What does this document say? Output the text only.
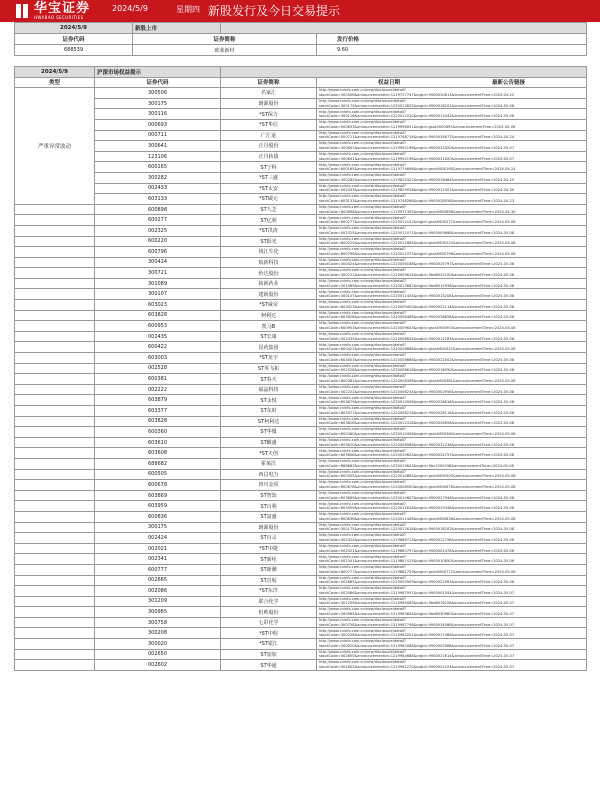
华宝证券
HWABAO SECURITIES
2024/5/9	星期四 新股发行及今日交易提示
2024/5/9	新股上市		
证券代码	证券简称		发行价格
688539	欧莱新材		9.60
2024/5/9	沪深市场权益提示		
类型	证券代码	证券简称	权益日期 最新公告链接
严重异常波动	300506	名家汇	http://www.cninfo.com.cn/new/disclosure/detail?stockCode=300506&announcementId=1219727747&orgId=9900030813&announcementTime=2024-04-22
	300175	朗源股份	http://www.cninfo.com.cn/new/disclosure/detail?stockCode=300175&announcementId=1220013825&orgId=9900018202&announcementTime=2024-05-08
	300116	*ST保力	http://www.cninfo.com.cn/new/disclosure/detail?stockCode=300116&announcementId=1220012210&orgId=9900013442&announcementTime=2024-05-08
	000693	*ST华信	http://www.cninfo.com.cn/new/disclosure/detail?stockCode=000693&announcementId=1219996051&orgId=gssz0000693&announcementTime=2024-05-06
	000711	广汇退	http://www.cninfo.com.cn/new/disclosure/detail?stockCode=000711&announcementId=1219748716&orgId=9900034677&announcementTime=2024-04-24
	300641	正丹股份	http://www.cninfo.com.cn/new/disclosure/detail?stockCode=300641&announcementId=1219992196&orgId=9900031820&announcementTime=2024-05-07
	123106	正丹转债	http://www.cninfo.com.cn/new/disclosure/detail?stockCode=300641&announcementId=1219992196&orgId=9900031820&announcementTime=2024-05-07
	600165	ST宁科	http://www.cninfo.com.cn/new/disclosure/detail?stockCode=600165&announcementId=1219774696&orgId=gssh0600165&announcementTime=2024-04-24
	300282	*ST三盛	http://www.cninfo.com.cn/new/disclosure/detail?stockCode=300282&announcementId=1219815322&orgId=9900018484&announcementTime=2024-04-25
	002433	*ST太安	http://www.cninfo.com.cn/new/disclosure/detail?stockCode=002433&announcementId=1219829918&orgId=9900012301&announcementTime=2024-04-30
	603133	*ST碳元	http://www.cninfo.com.cn/new/disclosure/detail?stockCode=603133&announcementId=1219748286&orgId=9900028556&announcementTime=2024-04-23
	600898	ST九芝	http://www.cninfo.com.cn/new/disclosure/detail?stockCode=600898&announcementId=1219971305&orgId=gssh0600898&announcementTime=2024-04-30
	600277	ST亿利	http://www.cninfo.com.cn/new/disclosure/detail?stockCode=600277&announcementId=1220012102&orgId=gssh0600277&announcementTime=2024-05-08
	002325	*ST洪涛	http://www.cninfo.com.cn/new/disclosure/detail?stockCode=002325&announcementId=1220011071&orgId=9900009686&announcementTime=2024-05-08
	600220	ST阳光	http://www.cninfo.com.cn/new/disclosure/detail?stockCode=600220&announcementId=1220011884&orgId=gssh0600220&announcementTime=2024-05-08
	600796	钱江生化	http://www.cninfo.com.cn/new/disclosure/detail?stockCode=600796&announcementId=1220011975&orgId=gssh0600796&announcementTime=2024-05-08
	300424	航新科技	http://www.cninfo.com.cn/new/disclosure/detail?stockCode=300424&announcementId=1220006188&orgId=9900025797&announcementTime=2024-05-08
	300721	怡达股份	http://www.cninfo.com.cn/new/disclosure/detail?stockCode=300721&announcementId=1220009614&orgId=9bd8031100&announcementTime=2024-05-08
	301089	拓新药业	http://www.cninfo.com.cn/new/disclosure/detail?stockCode=301089&announcementId=1220013682&orgId=9bd8015936&announcementTime=2024-05-08
	300107	建新股份	http://www.cninfo.com.cn/new/disclosure/detail?stockCode=300107&announcementId=1220011454&orgId=9900013208&announcementTime=2024-05-08
	603023	*ST威帝	http://www.cninfo.com.cn/new/disclosure/detail?stockCode=603023&announcementId=1220009450&orgId=9900022114&announcementTime=2024-05-08
	603828	柯利达	http://www.cninfo.com.cn/new/disclosure/detail?stockCode=603828&announcementId=1220006468&orgId=9900026658&announcementTime=2024-05-08
	600953	凯马B	http://www.cninfo.com.cn/new/disclosure/detail?stockCode=600953&announcementId=1220009643&orgId=gssh0900953&announcementTime=2024-05-08
	002435	ST长康	http://www.cninfo.com.cn/new/disclosure/detail?stockCode=002435&announcementId=1220006634&orgId=9900012283&announcementTime=2024-05-08
	600422	昆药集团	http://www.cninfo.com.cn/new/disclosure/detail?stockCode=600422&announcementId=1220008668&orgId=gssh0600422&announcementTime=2024-05-08
	603003	*ST龙宇	http://www.cninfo.com.cn/new/disclosure/detail?stockCode=603003&announcementId=1220008666&orgId=9900022502&announcementTime=2024-05-08
	002528	ST英飞拓	http://www.cninfo.com.cn/new/disclosure/detail?stockCode=002528&announcementId=1220008618&orgId=9900016090&announcementTime=2024-05-08
	600381	ST春天	http://www.cninfo.com.cn/new/disclosure/detail?stockCode=600381&announcementId=1220006396&orgId=gssh0600381&announcementTime=2024-05-08
	002222	福晶科技	http://www.cninfo.com.cn/new/disclosure/detail?stockCode=002222&announcementId=1220006234&orgId=9900002956&announcementTime=2024-05-08
	603879	ST永悦	http://www.cninfo.com.cn/new/disclosure/detail?stockCode=603879&announcementId=1220010006&orgId=9900028818&announcementTime=2024-05-08
	603377	ST东时	http://www.cninfo.com.cn/new/disclosure/detail?stockCode=603377&announcementId=1220006216&orgId=9900028116&announcementTime=2024-05-08
	603828	ST柯利达	http://www.cninfo.com.cn/new/disclosure/detail?stockCode=603828&announcementId=1220012318&orgId=9900026658&announcementTime=2024-05-08
	600360	ST华微	http://www.cninfo.com.cn/new/disclosure/detail?stockCode=600360&announcementId=1220010456&orgId=gssh0600360&announcementTime=2024-05-08
	603610	ST麒盛	http://www.cninfo.com.cn/new/disclosure/detail?stockCode=603610&announcementId=1220008568&orgId=9900031238&announcementTime=2024-05-08
	603608	*ST天创	http://www.cninfo.com.cn/new/disclosure/detail?stockCode=603608&announcementId=1220010624&orgId=9900024757&announcementTime=2024-05-08
	688682	霍莱沃	http://www.cninfo.com.cn/new/disclosure/detail?stockCode=688682&announcementId=1220013643&orgId=9bc1000936&announcementTime=2024-05-08
	600505	西昌电力	http://www.cninfo.com.cn/new/disclosure/detail?stockCode=600505&announcementId=1220010884&orgId=gssh0600505&announcementTime=2024-05-08
	600678	四川金顶	http://www.cninfo.com.cn/new/disclosure/detail?stockCode=600678&announcementId=1220008550&orgId=gssh0600678&announcementTime=2024-05-08
	603869	ST智知	http://www.cninfo.com.cn/new/disclosure/detail?stockCode=603869&announcementId=1220010607&orgId=9900027946&announcementTime=2024-05-08
	603959	ST百利	http://www.cninfo.com.cn/new/disclosure/detail?stockCode=603959&announcementId=1220011618&orgId=9900029448&announcementTime=2024-05-08
	600836	ST富盛	http://www.cninfo.com.cn/new/disclosure/detail?stockCode=600836&announcementId=1220011446&orgId=gssh0600836&announcementTime=2024-05-08
	300175	朗源股份	http://www.cninfo.com.cn/new/disclosure/detail?stockCode=300175&announcementId=1220012618&orgId=9900018202&announcementTime=2024-05-08
	002424	ST百灵	http://www.cninfo.com.cn/new/disclosure/detail?stockCode=002424&announcementId=1219886713&orgId=9900012798&announcementTime=2024-05-06
	002021	*ST中捷	http://www.cninfo.com.cn/new/disclosure/detail?stockCode=002021&announcementId=1219880797&orgId=9900001478&announcementTime=2024-05-06
	002341	ST新纶	http://www.cninfo.com.cn/new/disclosure/detail?stockCode=002341&announcementId=1219887415&orgId=9900010850&announcementTime=2024-05-06
	600777	ST新潮	http://www.cninfo.com.cn/new/disclosure/detail?stockCode=600777&announcementId=1219881729&orgId=gssh0600777&announcementTime=2024-05-06
	002665	ST首航	http://www.cninfo.com.cn/new/disclosure/detail?stockCode=002665&announcementId=1220003909&orgId=9900022063&announcementTime=2024-05-08
	002086	*ST东洋	http://www.cninfo.com.cn/new/disclosure/detail?stockCode=002086&announcementId=1219987591&orgId=9900001344&announcementTime=2024-05-07
	301209	联合化学	http://www.cninfo.com.cn/new/disclosure/detail?stockCode=301209&announcementId=1219964089&orgId=9bd8076228&announcementTime=2024-05-07
	300965	恒帅股份	http://www.cninfo.com.cn/new/disclosure/detail?stockCode=300965&announcementId=1219983604&orgId=9bd8030960&announcementTime=2024-05-07
	300758	七彩化学	http://www.cninfo.com.cn/new/disclosure/detail?stockCode=300758&announcementId=1219987746&orgId=9900034086&announcementTime=2024-05-07
	300208	*ST中程	http://www.cninfo.com.cn/new/disclosure/detail?stockCode=300208&announcementId=1219983201&orgId=9900017466&announcementTime=2024-05-07
	300020	*ST银江	http://www.cninfo.com.cn/new/disclosure/detail?stockCode=300020&announcementId=1219982088&orgId=9900003368&announcementTime=2024-05-07
	002650	ST加加	http://www.cninfo.com.cn/new/disclosure/detail?stockCode=002650&announcementId=1219984688&orgId=9900021614&announcementTime=2024-05-07
	002602	ST华通	http://www.cninfo.com.cn/new/disclosure/detail?stockCode=002602&announcementId=1219961270&orgId=9900021024&announcementTime=2024-05-07
